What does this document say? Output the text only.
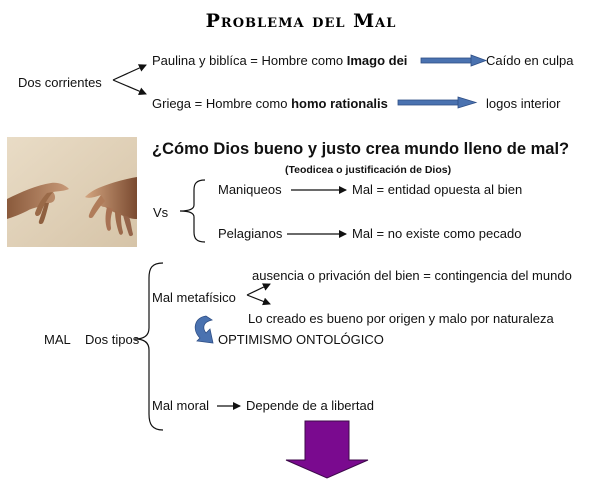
Problema del Mal
Dos corrientes
Paulina y biblíca = Hombre como Imago dei	Caído en culpa
Griega = Hombre como homo rationalis	logos interior
¿Cómo Dios bueno y justo crea mundo lleno de mal?
(Teodicea o justificación de Dios)
Vs
Maniqueos	Mal = entidad opuesta al bien
Pelagianos	Mal = no existe como pecado
MAL Dos tipos
Mal metafísico
ausencia o privación del bien = contingencia del mundo
Lo creado es bueno por origen y malo por naturaleza
OPTIMISMO ONTOLÓGICO
Mal moral	Depende de a libertad
